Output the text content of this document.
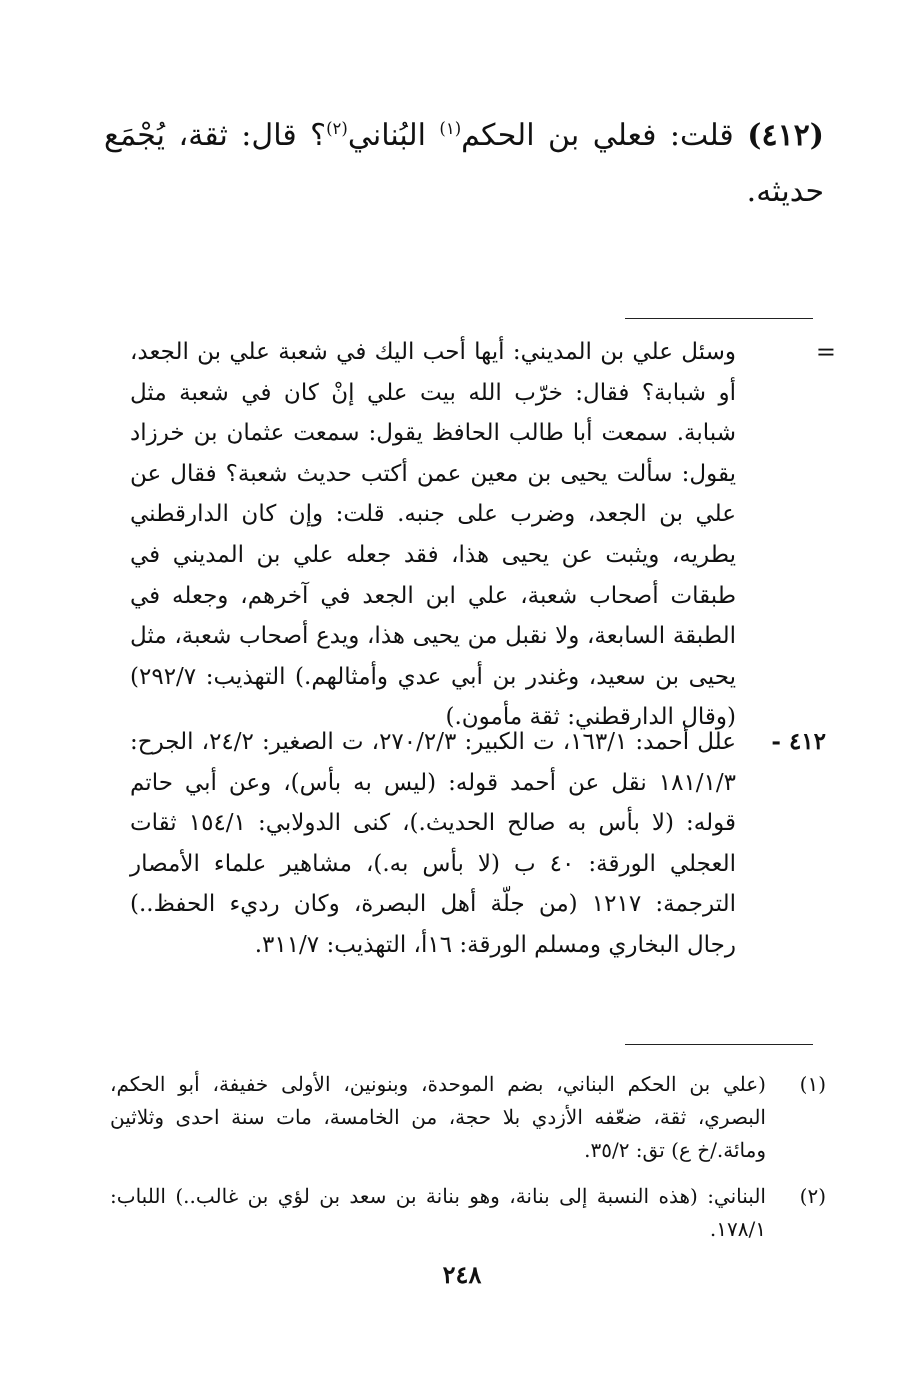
(٤١٢) قلت: فعلي بن الحكم$^{(١)}$ البُناني$^{(٢)}$؟ قال: ثقة، يُجْمَع حديثه.
=
وسئل علي بن المديني: أيها أحب اليك في شعبة علي بن الجعد، أو شبابة؟ فقال: خرّب الله بيت علي إنْ كان في شعبة مثل شبابة. سمعت أبا طالب الحافظ يقول: سمعت عثمان بن خرزاد يقول: سألت يحيى بن معين عمن أكتب حديث شعبة؟ فقال عن علي بن الجعد، وضرب على جنبه. قلت: وإن كان الدارقطني يطريه، ويثبت عن يحيى هذا، فقد جعله علي بن المديني في طبقات أصحاب شعبة، علي ابن الجعد في آخرهم، وجعله في الطبقة السابعة، ولا نقبل من يحيى هذا، ويدع أصحاب شعبة، مثل يحيى بن سعيد، وغندر بن أبي عدي وأمثالهم.) التهذيب: ٢٩٢/٧) (وقال الدارقطني: ثقة مأمون.)
٤١٢ -
علل أحمد: ١٦٣/١، ت الكبير: ٢٧٠/٢/٣، ت الصغير: ٢٤/٢، الجرح: ١٨١/١/٣ نقل عن أحمد قوله: (ليس به بأس)، وعن أبي حاتم قوله: (لا بأس به صالح الحديث.)، كنى الدولابي: ١٥٤/١ ثقات العجلي الورقة: ٤٠ ب (لا بأس به.)، مشاهير علماء الأمصار الترجمة: ١٢١٧ (من جلّة أهل البصرة، وكان رديء الحفظ..) رجال البخاري ومسلم الورقة: ١٦أ، التهذيب: ٣١١/٧.
(١)
(علي بن الحكم البناني، بضم الموحدة، وبنونين، الأولى خفيفة، أبو الحكم، البصري، ثقة، ضعّفه الأزدي بلا حجة، من الخامسة، مات سنة احدى وثلاثين ومائة./خ ع) تق: ٣٥/٢.
(٢)
البناني: (هذه النسبة إلى بنانة، وهو بنانة بن سعد بن لؤي بن غالب..) اللباب: ١٧٨/١.
٢٤٨
